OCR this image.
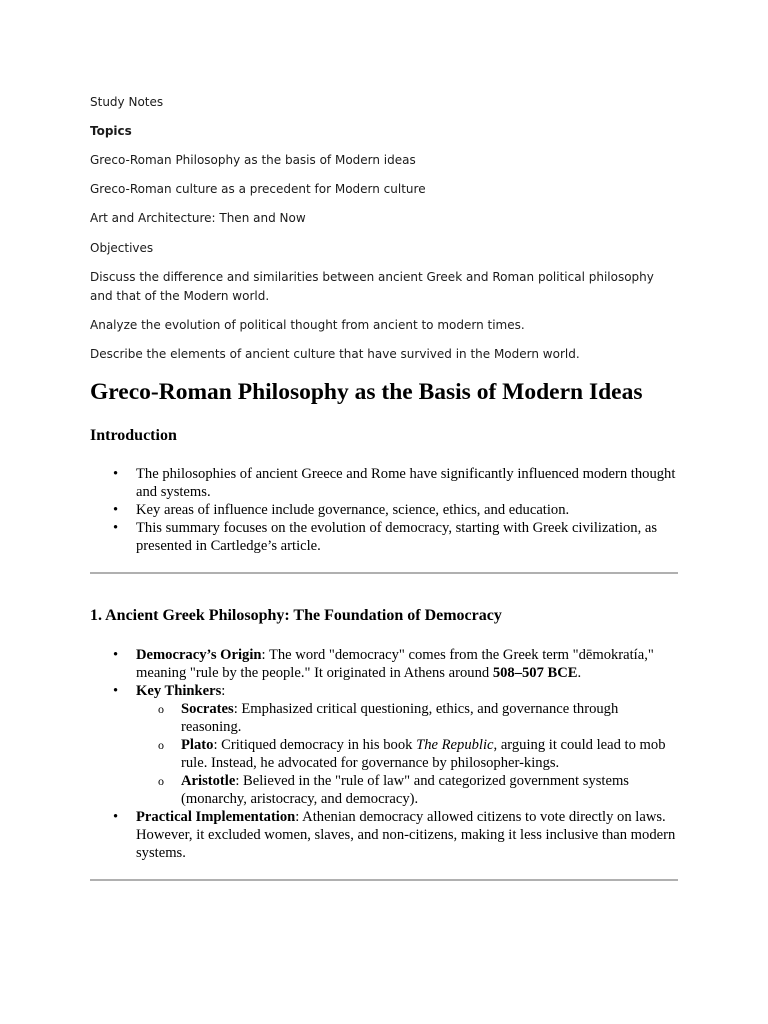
Study Notes

Topics

Greco-Roman Philosophy as the basis of Modern ideas

Greco-Roman culture as a precedent for Modern culture

Art and Architecture: Then and Now

Objectives

Discuss the difference and similarities between ancient Greek and Roman political philosophy and that of the Modern world.

Analyze the evolution of political thought from ancient to modern times.

Describe the elements of ancient culture that have survived in the Modern world.

Greco-Roman Philosophy as the Basis of Modern Ideas
Introduction
• The philosophies of ancient Greece and Rome have significantly influenced modern thought and systems.
• Key areas of influence include governance, science, ethics, and education.
• This summary focuses on the evolution of democracy, starting with Greek civilization, as presented in Cartledge’s article.
1. Ancient Greek Philosophy: The Foundation of Democracy
• Democracy’s Origin: The word "democracy" comes from the Greek term "dēmokratía," meaning "rule by the people." It originated in Athens around 508–507 BCE.
• Key Thinkers:
o Socrates: Emphasized critical questioning, ethics, and governance through reasoning.
o Plato: Critiqued democracy in his book The Republic, arguing it could lead to mob rule. Instead, he advocated for governance by philosopher-kings.
o Aristotle: Believed in the "rule of law" and categorized government systems (monarchy, aristocracy, and democracy).
• Practical Implementation: Athenian democracy allowed citizens to vote directly on laws. However, it excluded women, slaves, and non-citizens, making it less inclusive than modern systems.
